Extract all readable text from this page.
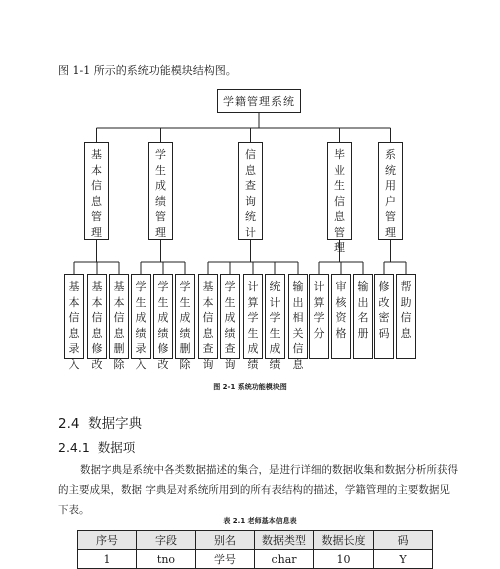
图 1-1 所示的系统功能模块结构图。
学籍管理系统
基
本
信
息
管
理
基
本
信
息
录
入
基
本
信
息
修
改
基
本
信
息
删
除
学
生
成
绩
管
理
学
生
成
绩
录
入
学
生
成
绩
修
改
学
生
成
绩
删
除
信
息
查
询
统
计
基
本
信
息
查
询
学
生
成
绩
查
询
计
算
学
生
成
绩
统
计
学
生
成
绩
输
出
相
关
信
息
毕
业
生
信
息
管
理
计
算
学
分
审
核
资
格
输
出
名
册
系
统
用
户
管
理
修
改
密
码
帮
助
信
息
图 2-1 系统功能模块图
2.4 数据字典
2.4.1 数据项
数据字典是系统中各类数据描述的集合，是进行详细的数据收集和数据分析所获得的主要成果，数据 字典是对系统所用到的所有表结构的描述，学籍管理的主要数据见下表。
表 2.1 老师基本信息表
序号	字段	别名	数据类型	数据长度	码
1	tno	学号	char	10	Y
